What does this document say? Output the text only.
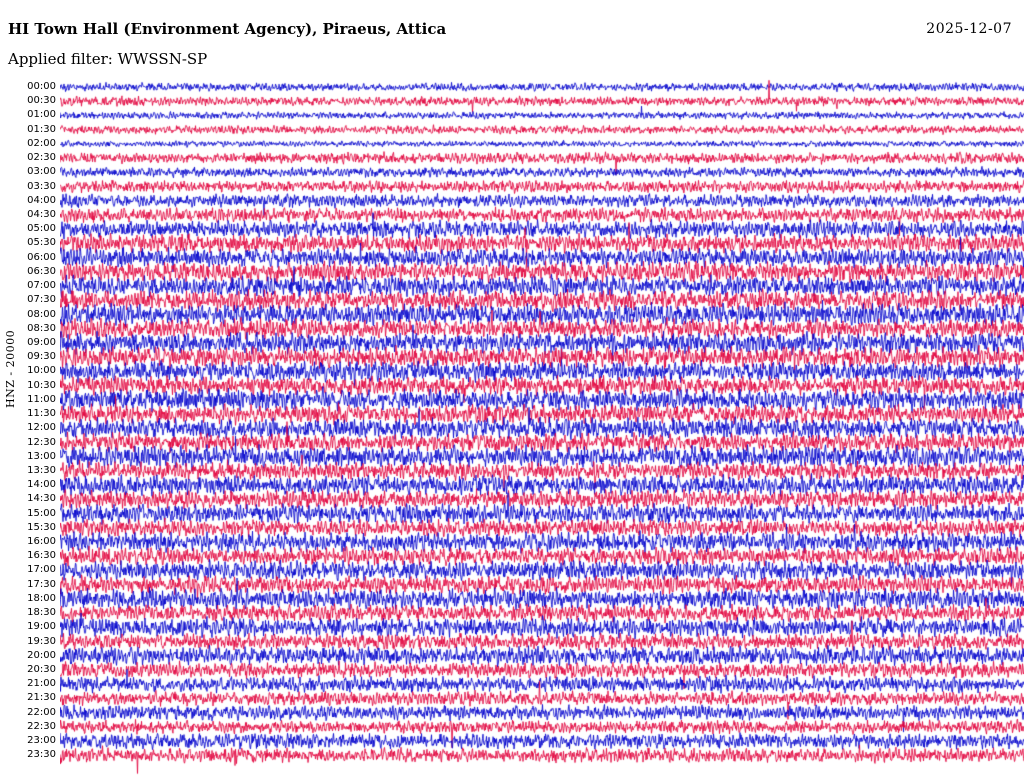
HI Town Hall (Environment Agency), Piraeus, Attica	2025-12-07
Applied filter: WWSSN-SP
HNZ - 20000
00:00
00:30
01:00
01:30
02:00
02:30
03:00
03:30
04:00
04:30
05:00
05:30
06:00
06:30
07:00
07:30
08:00
08:30
09:00
09:30
10:00
10:30
11:00
11:30
12:00
12:30
13:00
13:30
14:00
14:30
15:00
15:30
16:00
16:30
17:00
17:30
18:00
18:30
19:00
19:30
20:00
20:30
21:00
21:30
22:00
22:30
23:00
23:30
